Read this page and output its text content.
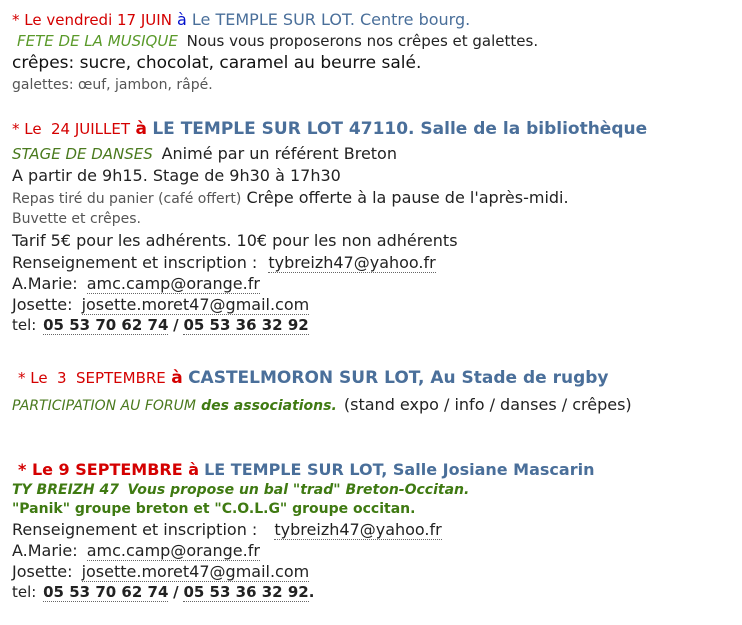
* Le vendredi 17 JUIN à Le TEMPLE SUR LOT. Centre bourg.
FETE DE LA MUSIQUE Nous vous proposerons nos crêpes et galettes.
crêpes: sucre, chocolat, caramel au beurre salé.
galettes: œuf, jambon, râpé.
* Le 24 JUILLET à LE TEMPLE SUR LOT 47110. Salle de la bibliothèque
STAGE DE DANSES Animé par un référent Breton
A partir de 9h15. Stage de 9h30 à 17h30
Repas tiré du panier (café offert) Crêpe offerte à la pause de l'après-midi.
Buvette et crêpes.
Tarif 5€ pour les adhérents. 10€ pour les non adhérents
Renseignement et inscription : tybreizh47@yahoo.fr
A.Marie: amc.camp@orange.fr
Josette: josette.moret47@gmail.com
tel: 05 53 70 62 74 / 05 53 36 32 92
* Le 3 SEPTEMBRE à CASTELMORON SUR LOT, Au Stade de rugby
PARTICIPATION AU FORUM des associations. (stand expo / info / danses / crêpes)
* Le 9 SEPTEMBRE à LE TEMPLE SUR LOT, Salle Josiane Mascarin
TY BREIZH 47 Vous propose un bal "trad" Breton-Occitan.
"Panik" groupe breton et "C.O.L.G" groupe occitan.
Renseignement et inscription : tybreizh47@yahoo.fr
A.Marie: amc.camp@orange.fr
Josette: josette.moret47@gmail.com
tel: 05 53 70 62 74 / 05 53 36 32 92.
